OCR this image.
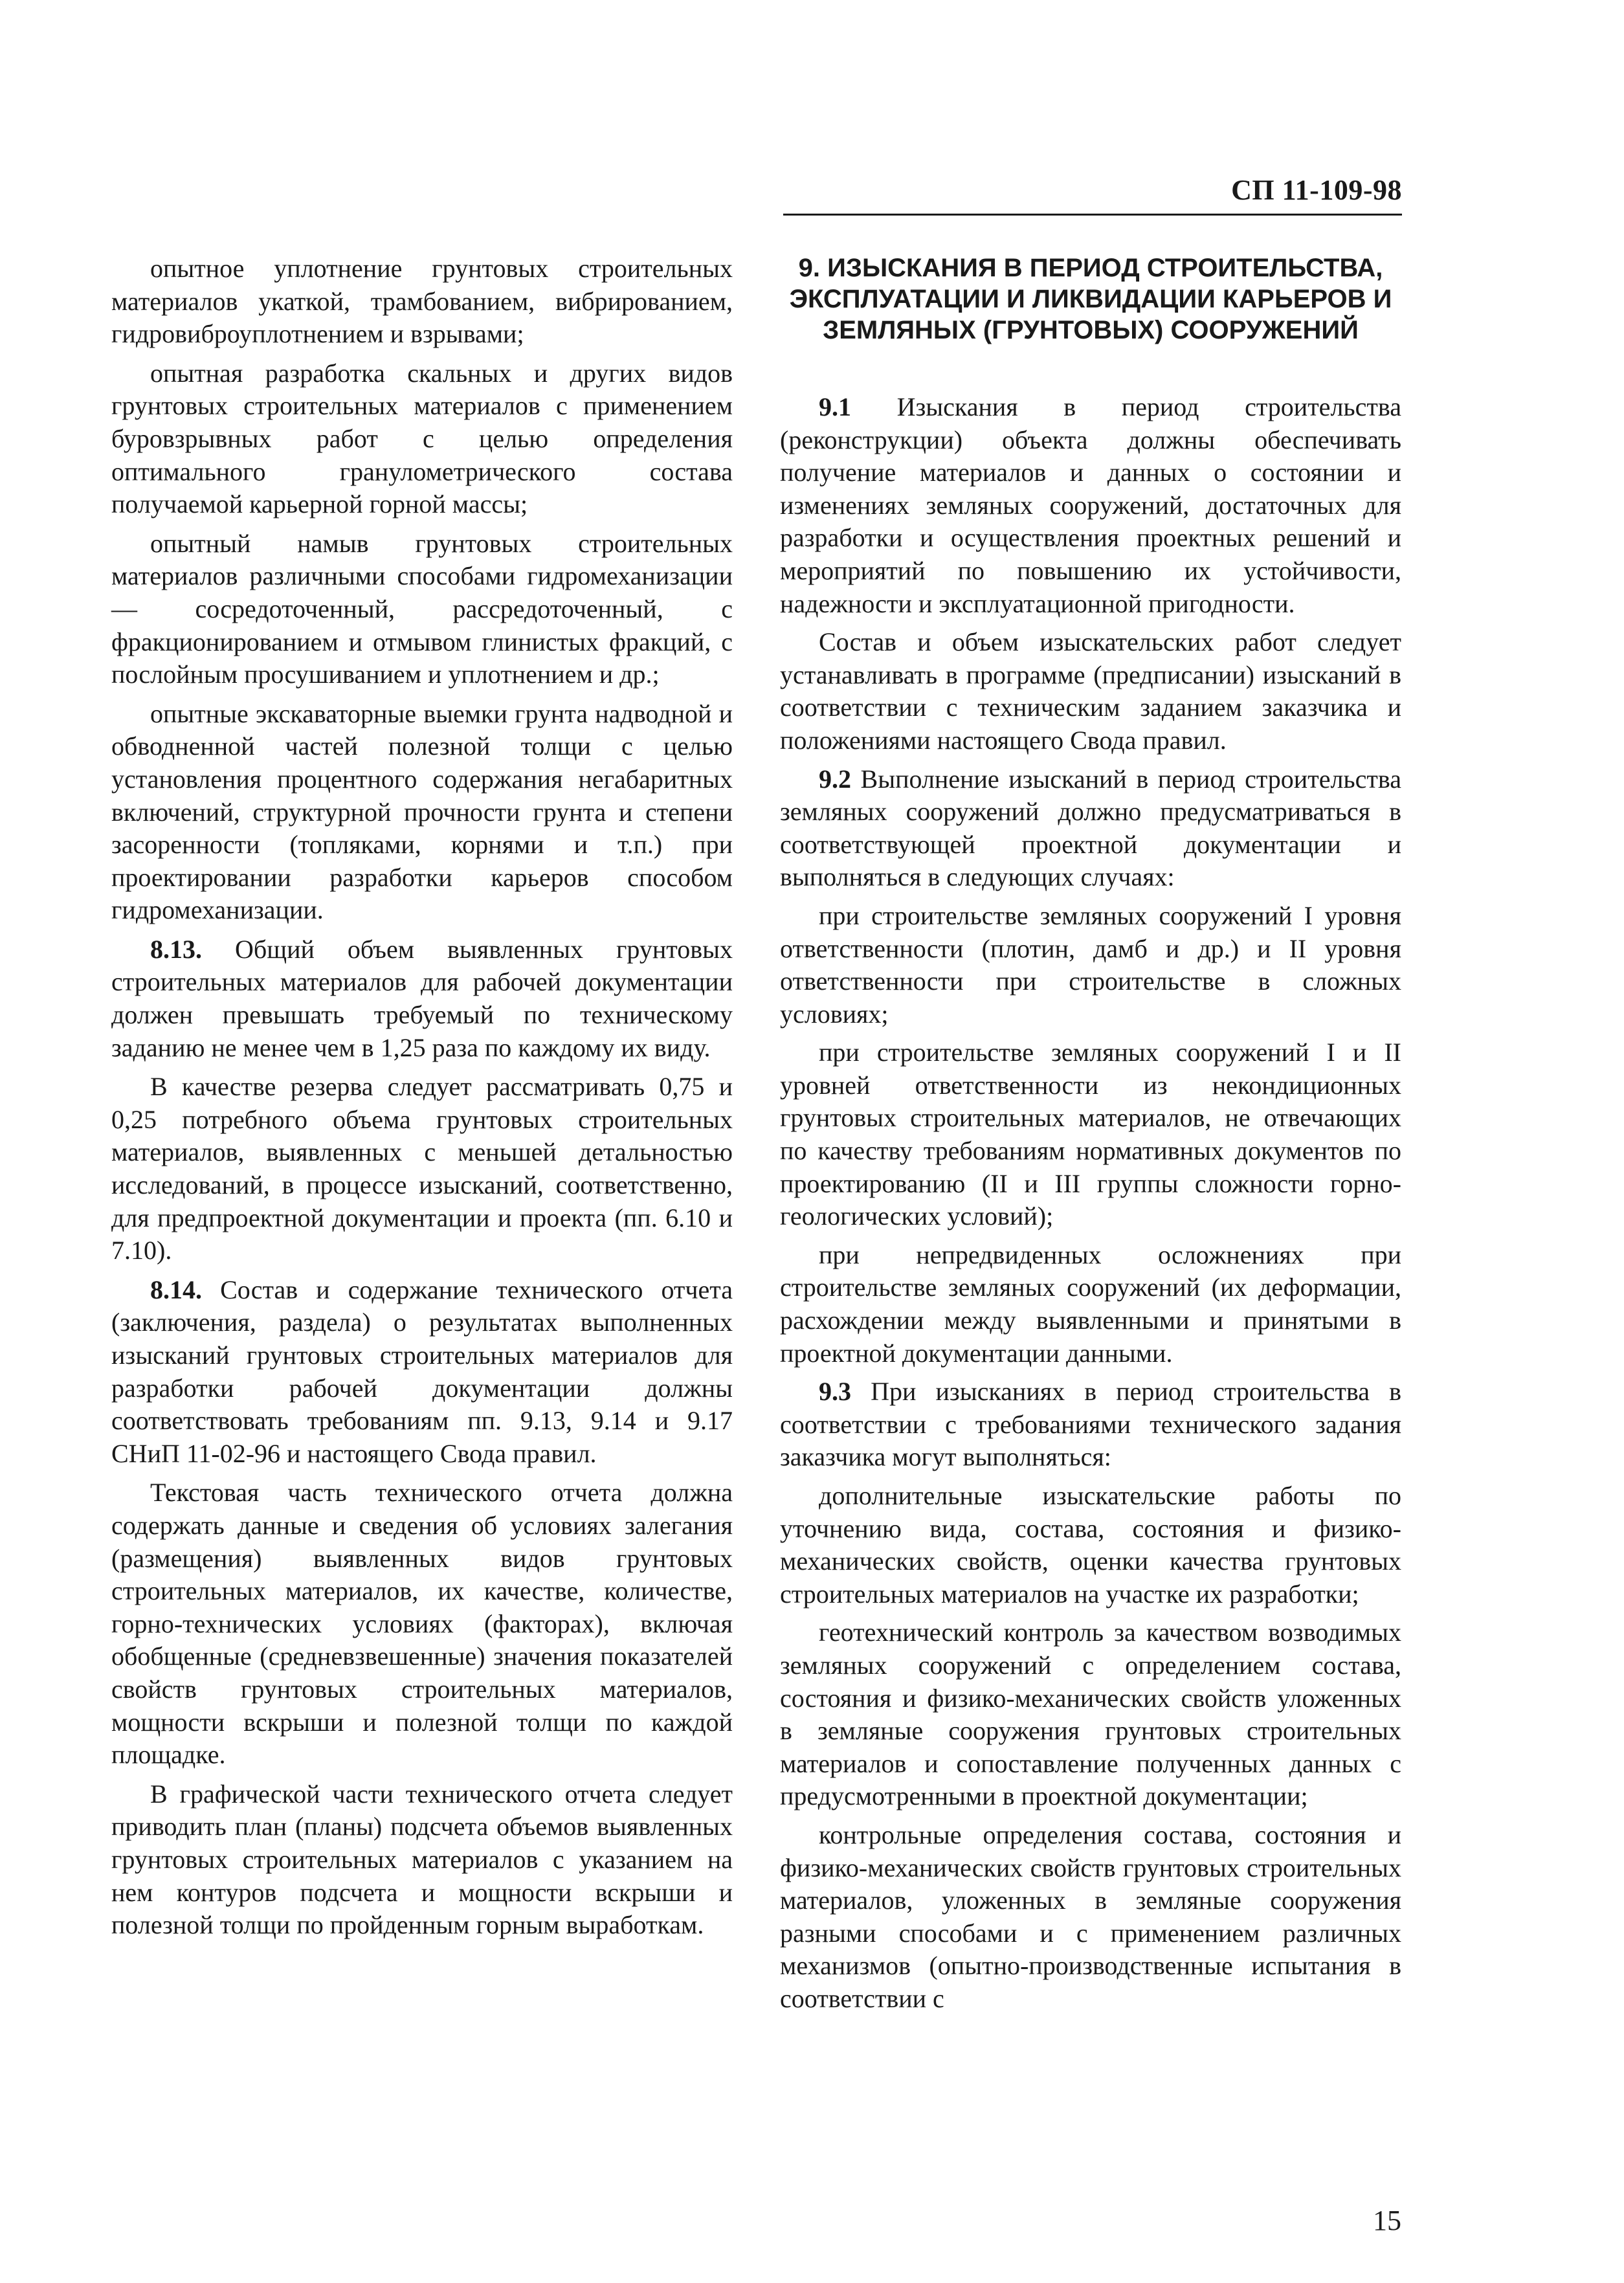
СП 11-109-98

опытное уплотнение грунтовых строительных материалов укаткой, трамбованием, вибрированием, гидровиброуплотнением и взрывами;

опытная разработка скальных и других видов грунтовых строительных материалов с применением буровзрывных работ с целью определения оптимального гранулометрического состава получаемой карьерной горной массы;

опытный намыв грунтовых строительных материалов различными способами гидромеханизации — сосредоточенный, рассредоточенный, с фракционированием и отмывом глинистых фракций, с послойным просушиванием и уплотнением и др.;

опытные экскаваторные выемки грунта надводной и обводненной частей полезной толщи с целью установления процентного содержания негабаритных включений, структурной прочности грунта и степени засоренности (топляками, корнями и т.п.) при проектировании разработки карьеров способом гидромеханизации.

8.13. Общий объем выявленных грунтовых строительных материалов для рабочей документации должен превышать требуемый по техническому заданию не менее чем в 1,25 раза по каждому их виду.

В качестве резерва следует рассматривать 0,75 и 0,25 потребного объема грунтовых строительных материалов, выявленных с меньшей детальностью исследований, в процессе изысканий, соответственно, для предпроектной документации и проекта (пп. 6.10 и 7.10).

8.14. Состав и содержание технического отчета (заключения, раздела) о результатах выполненных изысканий грунтовых строительных материалов для разработки рабочей документации должны соответствовать требованиям пп. 9.13, 9.14 и 9.17 СНиП 11-02-96 и настоящего Свода правил.

Текстовая часть технического отчета должна содержать данные и сведения об условиях залегания (размещения) выявленных видов грунтовых строительных материалов, их качестве, количестве, горно-технических условиях (факторах), включая обобщенные (средневзвешенные) значения показателей свойств грунтовых строительных материалов, мощности вскрыши и полезной толщи по каждой площадке.

В графической части технического отчета следует приводить план (планы) подсчета объемов выявленных грунтовых строительных материалов с указанием на нем контуров подсчета и мощности вскрыши и полезной толщи по пройденным горным выработкам.

9. ИЗЫСКАНИЯ В ПЕРИОД СТРОИТЕЛЬСТВА, ЭКСПЛУАТАЦИИ И ЛИКВИДАЦИИ КАРЬЕРОВ И ЗЕМЛЯНЫХ (ГРУНТОВЫХ) СООРУЖЕНИЙ

9.1 Изыскания в период строительства (реконструкции) объекта должны обеспечивать получение материалов и данных о состоянии и изменениях земляных сооружений, достаточных для разработки и осуществления проектных решений и мероприятий по повышению их устойчивости, надежности и эксплуатационной пригодности.

Состав и объем изыскательских работ следует устанавливать в программе (предписании) изысканий в соответствии с техническим заданием заказчика и положениями настоящего Свода правил.

9.2 Выполнение изысканий в период строительства земляных сооружений должно предусматриваться в соответствующей проектной документации и выполняться в следующих случаях:

при строительстве земляных сооружений I уровня ответственности (плотин, дамб и др.) и II уровня ответственности при строительстве в сложных условиях;

при строительстве земляных сооружений I и II уровней ответственности из некондиционных грунтовых строительных материалов, не отвечающих по качеству требованиям нормативных документов по проектированию (II и III группы сложности горно-геологических условий);

при непредвиденных осложнениях при строительстве земляных сооружений (их деформации, расхождении между выявленными и принятыми в проектной документации данными.

9.3 При изысканиях в период строительства в соответствии с требованиями технического задания заказчика могут выполняться:

дополнительные изыскательские работы по уточнению вида, состава, состояния и физико-механических свойств, оценки качества грунтовых строительных материалов на участке их разработки;

геотехнический контроль за качеством возводимых земляных сооружений с определением состава, состояния и физико-механических свойств уложенных в земляные сооружения грунтовых строительных материалов и сопоставление полученных данных с предусмотренными в проектной документации;

контрольные определения состава, состояния и физико-механических свойств грунтовых строительных материалов, уложенных в земляные сооружения разными способами и с применением различных механизмов (опытно-производственные испытания в соответствии с

15
